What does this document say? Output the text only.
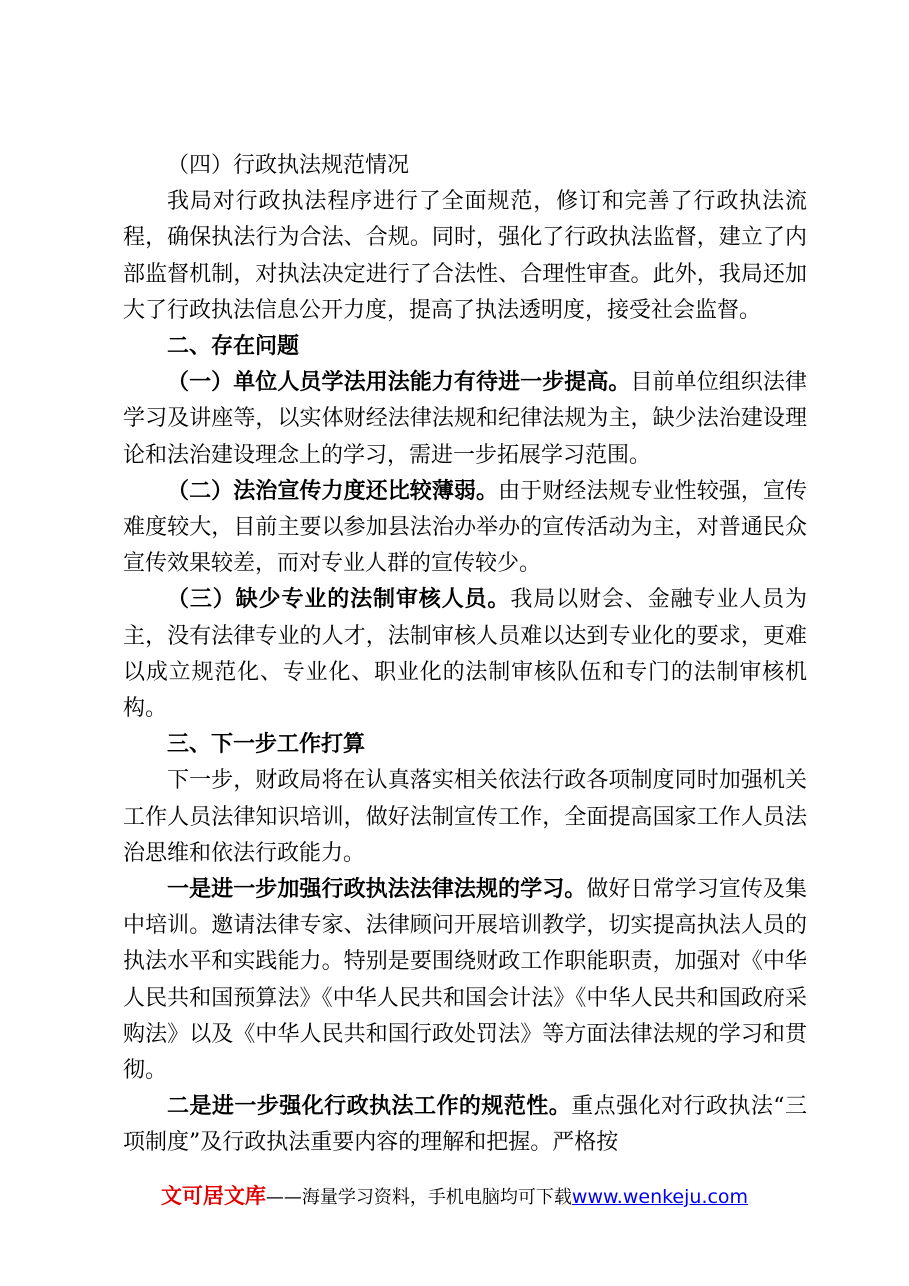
（四）行政执法规范情况

我局对行政执法程序进行了全面规范，修订和完善了行政执法流程，确保执法行为合法、合规。同时，强化了行政执法监督，建立了内部监督机制，对执法决定进行了合法性、合理性审查。此外，我局还加大了行政执法信息公开力度，提高了执法透明度，接受社会监督。

二、存在问题

（一）单位人员学法用法能力有待进一步提高。目前单位组织法律学习及讲座等，以实体财经法律法规和纪律法规为主，缺少法治建设理论和法治建设理念上的学习，需进一步拓展学习范围。

（二）法治宣传力度还比较薄弱。由于财经法规专业性较强，宣传难度较大，目前主要以参加县法治办举办的宣传活动为主，对普通民众宣传效果较差，而对专业人群的宣传较少。

（三）缺少专业的法制审核人员。我局以财会、金融专业人员为主，没有法律专业的人才，法制审核人员难以达到专业化的要求，更难以成立规范化、专业化、职业化的法制审核队伍和专门的法制审核机构。

三、下一步工作打算

下一步，财政局将在认真落实相关依法行政各项制度同时加强机关工作人员法律知识培训，做好法制宣传工作，全面提高国家工作人员法治思维和依法行政能力。

一是进一步加强行政执法法律法规的学习。做好日常学习宣传及集中培训。邀请法律专家、法律顾问开展培训教学，切实提高执法人员的执法水平和实践能力。特别是要围绕财政工作职能职责，加强对《中华人民共和国预算法》《中华人民共和国会计法》《中华人民共和国政府采购法》以及《中华人民共和国行政处罚法》等方面法律法规的学习和贯彻。

二是进一步强化行政执法工作的规范性。重点强化对行政执法“三项制度”及行政执法重要内容的理解和把握。严格按

文可居文库——海量学习资料，手机电脑均可下载www.wenkeju.com
